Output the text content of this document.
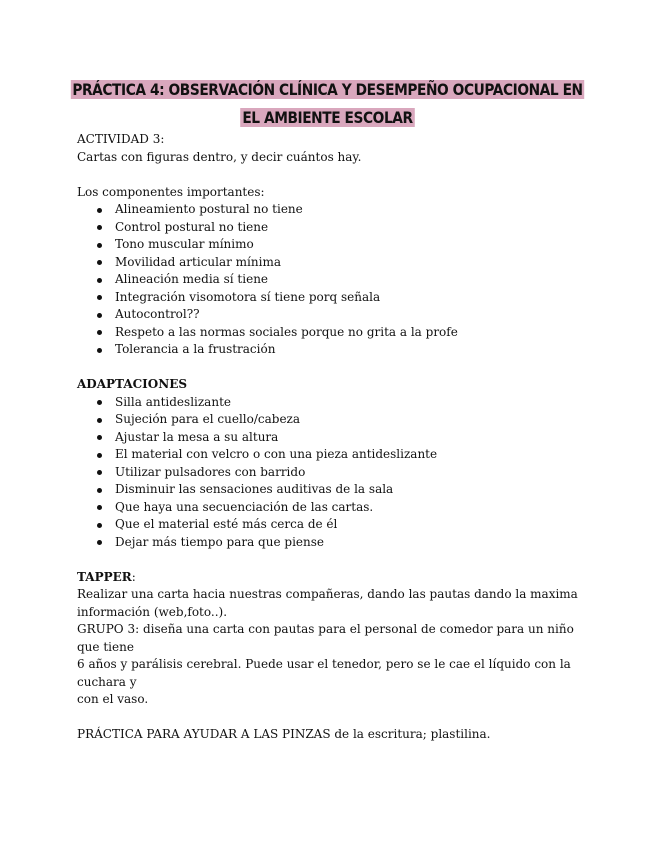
PRÁCTICA 4: OBSERVACIÓN CLÍNICA Y DESEMPEÑO OCUPACIONAL EN
EL AMBIENTE ESCOLAR

ACTIVIDAD 3:

Cartas con figuras dentro, y decir cuántos hay.

Los componentes importantes:

Alineamiento postural no tiene
Control postural no tiene
Tono muscular mínimo
Movilidad articular mínima
Alineación media sí tiene
Integración visomotora sí tiene porq señala
Autocontrol??
Respeto a las normas sociales porque no grita a la profe
Tolerancia a la frustración

ADAPTACIONES

Silla antideslizante
Sujeción para el cuello/cabeza
Ajustar la mesa a su altura
El material con velcro o con una pieza antideslizante
Utilizar pulsadores con barrido
Disminuir las sensaciones auditivas de la sala
Que haya una secuenciación de las cartas.
Que el material esté más cerca de él
Dejar más tiempo para que piense

TAPPER:

Realizar una carta hacia nuestras compañeras, dando las pautas dando la maxima

información (web,foto..).

GRUPO 3: diseña una carta con pautas para el personal de comedor para un niño que tiene

6 años y parálisis cerebral. Puede usar el tenedor, pero se le cae el líquido con la cuchara y

con el vaso.

PRÁCTICA PARA AYUDAR A LAS PINZAS de la escritura; plastilina.
